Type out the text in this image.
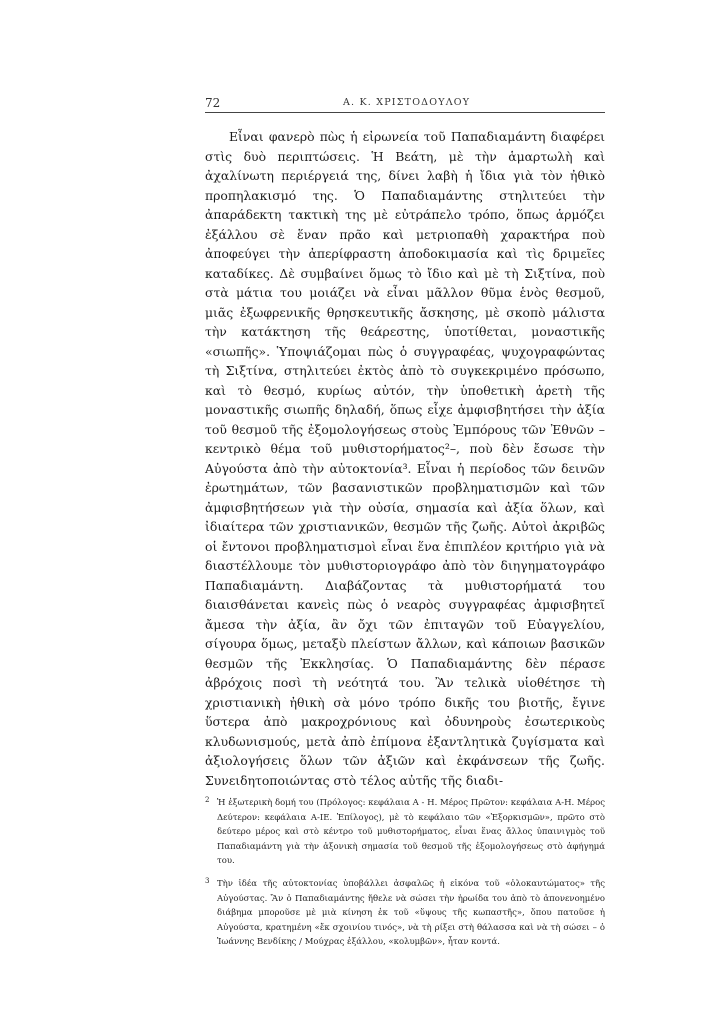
72	Α. Κ. ΧΡΙΣΤΟΔΟΥΛΟΥ

Εἶναι φανερὸ πὼς ἡ εἰρωνεία τοῦ Παπαδιαμάντη διαφέρει στὶς δυὸ περιπτώσεις. Ἡ Βεάτη, μὲ τὴν ἁμαρτωλὴ καὶ ἀχαλίνωτη περιέργειά της, δίνει λαβὴ ἡ ἴδια γιὰ τὸν ἠθικὸ προπηλακισμό της. Ὁ Παπαδιαμάντης στηλιτεύει τὴν ἀπαράδεκτη τακτικὴ της μὲ εὐτράπελο τρόπο, ὅπως ἁρμόζει ἐξάλλου σὲ ἕναν πρᾶο καὶ μετριοπαθὴ χαρακτήρα ποὺ ἀποφεύγει τὴν ἀπερίφραστη ἀποδοκιμασία καὶ τὶς δριμεῖες καταδίκες. Δὲ συμβαίνει ὅμως τὸ ἴδιο καὶ μὲ τὴ Σιξτίνα, ποὺ στὰ μάτια του μοιάζει νὰ εἶναι μᾶλλον θῦμα ἑνὸς θεσμοῦ, μιᾶς ἐξωφρενικῆς θρησκευτικῆς ἄσκησης, μὲ σκοπὸ μάλιστα τὴν κατάκτηση τῆς θεάρεστης, ὑποτίθεται, μοναστικῆς «σιωπῆς». Ὑποψιάζομαι πὼς ὁ συγγραφέας, ψυχογραφώντας τὴ Σιξτίνα, στηλιτεύει ἐκτὸς ἀπὸ τὸ συγκεκριμένο πρόσωπο, καὶ τὸ θεσμό, κυρίως αὐτόν, τὴν ὑποθετικὴ ἀρετὴ τῆς μοναστικῆς σιωπῆς δηλαδή, ὅπως εἶχε ἀμφισβητήσει τὴν ἀξία τοῦ θεσμοῦ τῆς ἐξομολογήσεως στοὺς Ἐμπόρους τῶν Ἐθνῶν –κεντρικὸ θέμα τοῦ μυθιστορήματος²–, ποὺ δὲν ἔσωσε τὴν Αὐγούστα ἀπὸ τὴν αὐτοκτονία³. Εἶναι ἡ περίοδος τῶν δεινῶν ἐρωτημάτων, τῶν βασανιστικῶν προβληματισμῶν καὶ τῶν ἀμφισβητήσεων γιὰ τὴν οὐσία, σημασία καὶ ἀξία ὅλων, καὶ ἰδιαίτερα τῶν χριστιανικῶν, θεσμῶν τῆς ζωῆς. Αὐτοὶ ἀκριβῶς οἱ ἔντονοι προβληματισμοὶ εἶναι ἕνα ἐπιπλέον κριτήριο γιὰ νὰ διαστέλλουμε τὸν μυθιστοριογράφο ἀπὸ τὸν διηγηματογράφο Παπαδιαμάντη. Διαβάζοντας τὰ μυθιστορήματά του διαισθάνεται κανεὶς πὼς ὁ νεαρὸς συγγραφέας ἀμφισβητεῖ ἄμεσα τὴν ἀξία, ἂν ὄχι τῶν ἐπιταγῶν τοῦ Εὐαγγελίου, σίγουρα ὅμως, μεταξὺ πλείστων ἄλλων, καὶ κάποιων βασικῶν θεσμῶν τῆς Ἐκκλησίας. Ὁ Παπαδιαμάντης δὲν πέρασε ἀβρόχοις ποσὶ τὴ νεότητά του. Ἂν τελικὰ υἱοθέτησε τὴ χριστιανικὴ ἠθικὴ σὰ μόνο τρόπο δικῆς του βιοτῆς, ἔγινε ὕστερα ἀπὸ μακροχρόνιους καὶ ὀδυνηροὺς ἐσωτερικοὺς κλυδωνισμούς, μετὰ ἀπὸ ἐπίμονα ἐξαντλητικὰ ζυγίσματα καὶ ἀξιολογήσεις ὅλων τῶν ἀξιῶν καὶ ἐκφάνσεων τῆς ζωῆς. Συνειδητοποιώντας στὸ τέλος αὐτῆς τῆς διαδι-

2 Ἡ ἐξωτερικὴ δομή του (Πρόλογος: κεφάλαια Α - Η. Μέρος Πρῶτον: κεφάλαια Α-Η. Μέρος Δεύτερον: κεφάλαια Α-ΙΕ. Ἐπίλογος), μὲ τὸ κεφάλαιο τῶν «Ἐξορκισμῶν», πρῶτο στὸ δεύτερο μέρος καὶ στὸ κέντρο τοῦ μυθιστορήματος, εἶναι ἕνας ἄλλος ὑπαινιγμὸς τοῦ Παπαδιαμάντη γιὰ τὴν ἀξονικὴ σημασία τοῦ θεσμοῦ τῆς ἐξομολογήσεως στὸ ἀφήγημά του.

3 Τὴν ἰδέα τῆς αὐτοκτονίας ὑποβάλλει ἀσφαλῶς ἡ εἰκόνα τοῦ «ὁλοκαυτώματος» τῆς Αὐγούστας. Ἂν ὁ Παπαδιαμάντης ἤθελε νὰ σώσει τὴν ἡρωίδα του ἀπὸ τὸ ἀπονενοημένο διάβημα μποροῦσε μὲ μιὰ κίνηση ἐκ τοῦ «ὕψους τῆς κωπαστῆς», ὅπου πατοῦσε ἡ Αὐγούστα, κρατημένη «ἔκ σχοινίου τινός», νὰ τὴ ρίξει στὴ θάλασσα καὶ νὰ τὴ σώσει – ὁ Ἰωάννης Βενδίκης / Μούχρας ἐξάλλου, «κολυμβῶν», ἦταν κοντά.
